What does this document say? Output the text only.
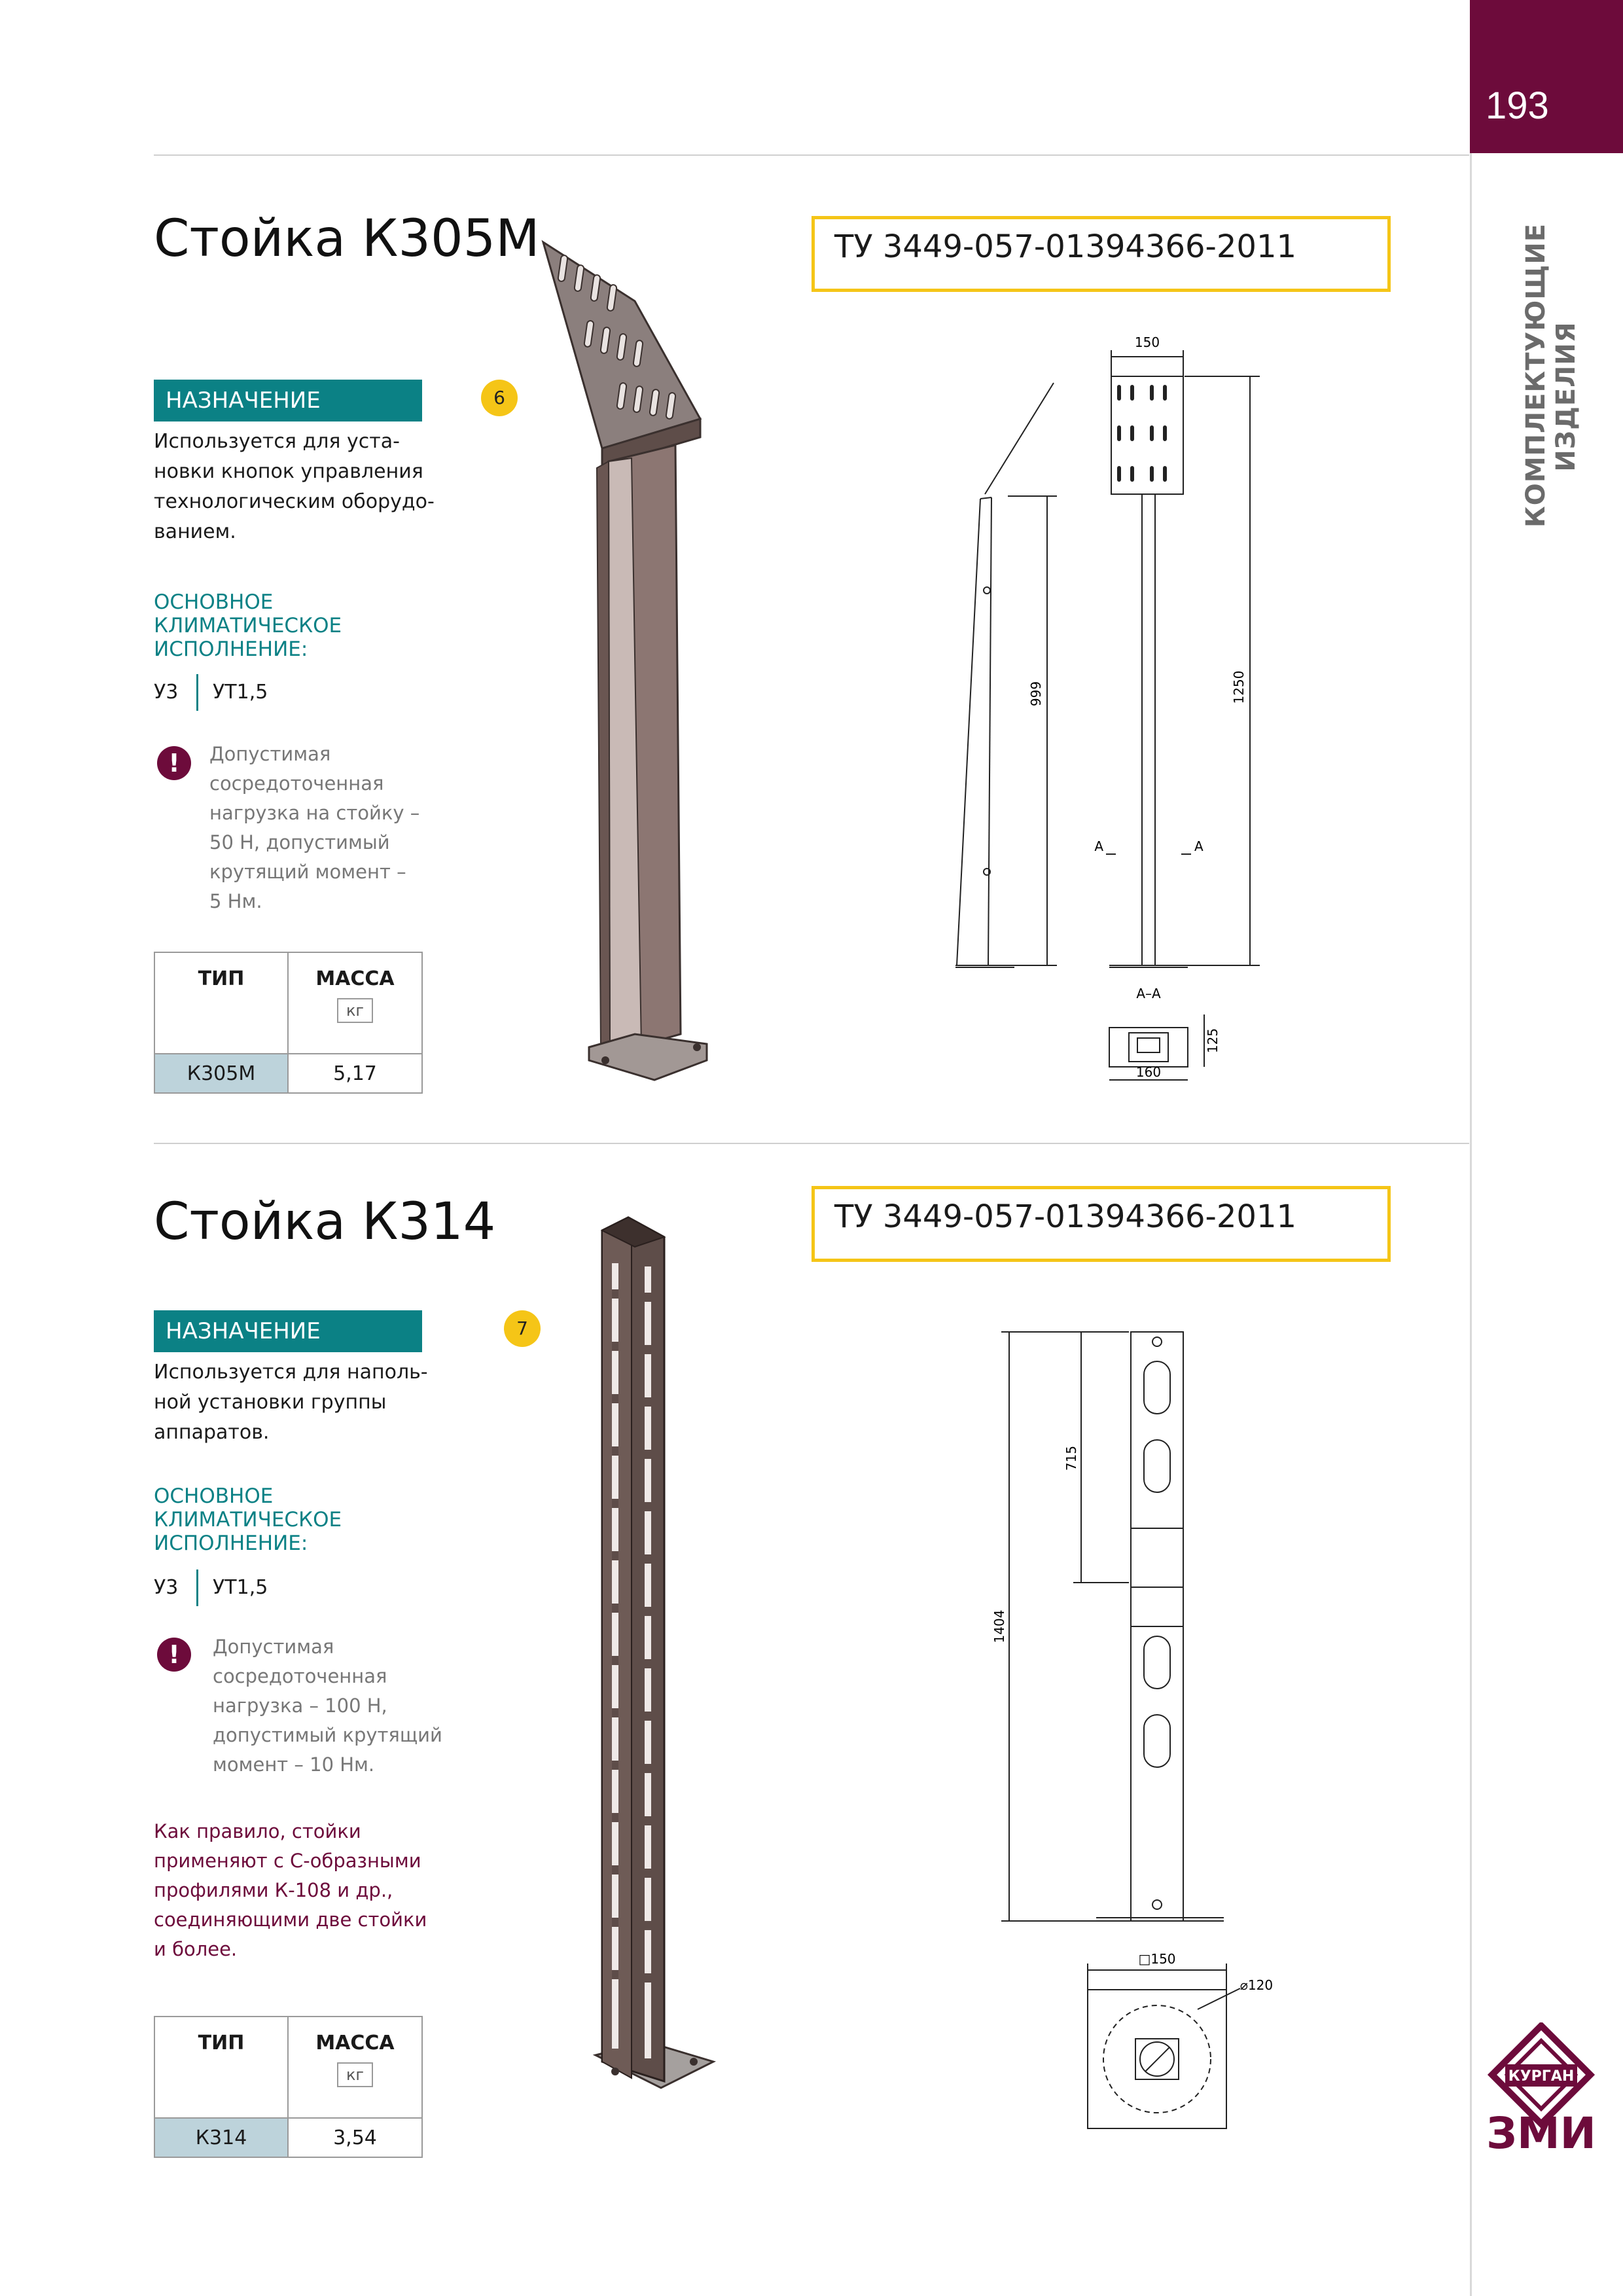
193
КОМПЛЕКТУЮЩИЕ ИЗДЕЛИЯ
КУРГАН
ЗМИ
Стойка К305М	ТУ 3449-057-01394366-2011
НАЗНАЧЕНИЕ
Используется для уста-
новки кнопок управления
технологическим оборудо-
ванием.
ОСНОВНОЕ
КЛИМАТИЧЕСКОЕ
ИСПОЛНЕНИЕ:
У3 УТ1,5
!	Допустимая
сосредоточенная
нагрузка на стойку –
50 Н, допустимый
крутящий момент –
5 Нм.
6
ТИП	МАССА
кг

К305М	5,17
150
999	1250
А	А
А–А
160
125
Стойка К314	ТУ 3449-057-01394366-2011
НАЗНАЧЕНИЕ
Используется для наполь-
ной установки группы
аппаратов.
ОСНОВНОЕ
КЛИМАТИЧЕСКОЕ
ИСПОЛНЕНИЕ:
У3 УТ1,5
!	Допустимая
сосредоточенная
нагрузка – 100 Н,
допустимый крутящий
момент – 10 Нм.
Как правило, стойки
применяют с С-образными
профилями К-108 и др.,
соединяющими две стойки
и более.
7
ТИП	МАССА
кг

К314	3,54
1404
715
□150
⌀120
